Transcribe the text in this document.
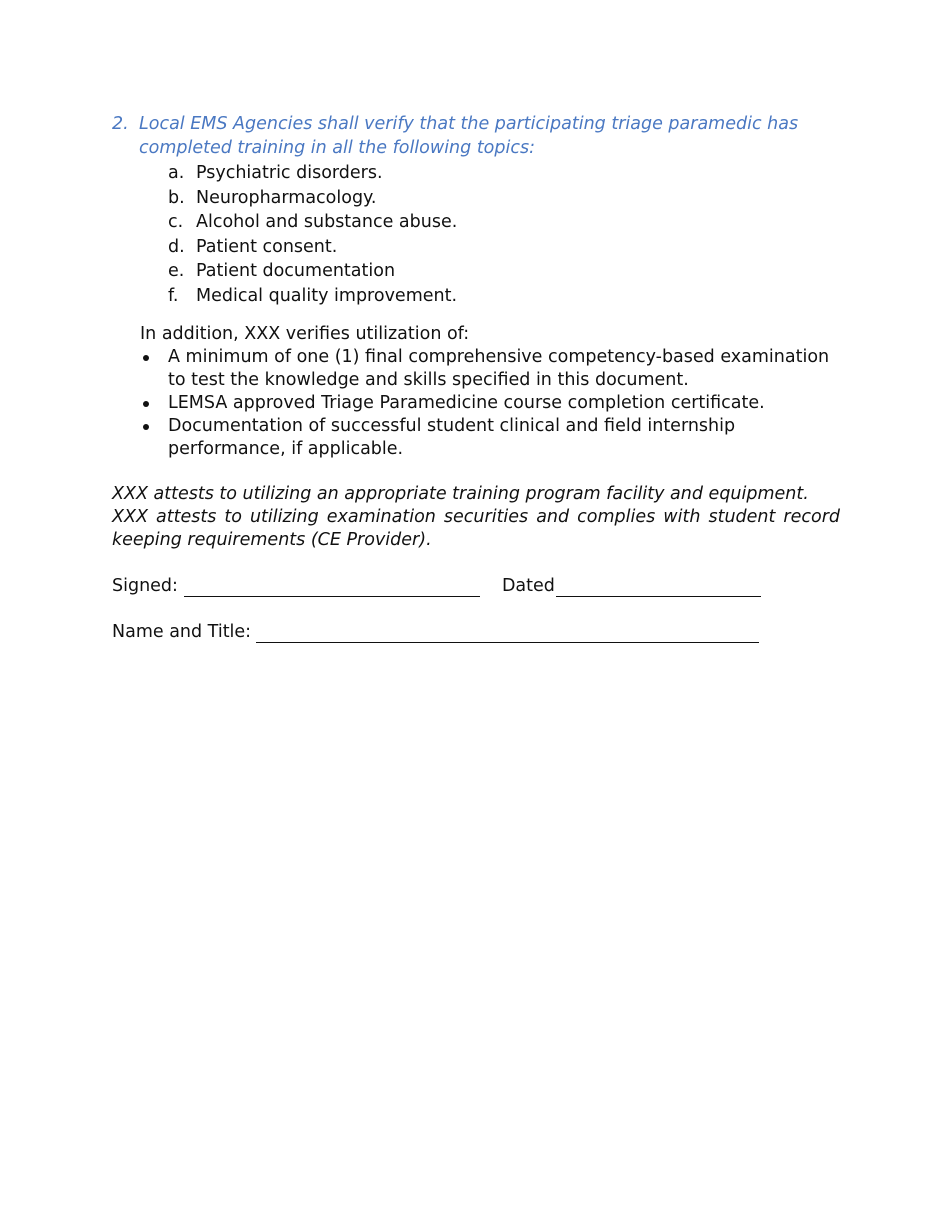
2. Local EMS Agencies shall verify that the participating triage paramedic has completed training in all the following topics:
a. Psychiatric disorders.
b. Neuropharmacology.
c. Alcohol and substance abuse.
d. Patient consent.
e. Patient documentation
f.	Medical quality improvement.
In addition, XXX verifies utilization of:
A minimum of one (1) final comprehensive competency-based examination to test the knowledge and skills specified in this document.
LEMSA approved Triage Paramedicine course completion certificate.
Documentation of successful student clinical and field internship performance, if applicable.

XXX attests to utilizing an appropriate training program facility and equipment.

XXX attests to utilizing examination securities and complies with student record keeping requirements (CE Provider).

Signed:	Dated
Name and Title:
